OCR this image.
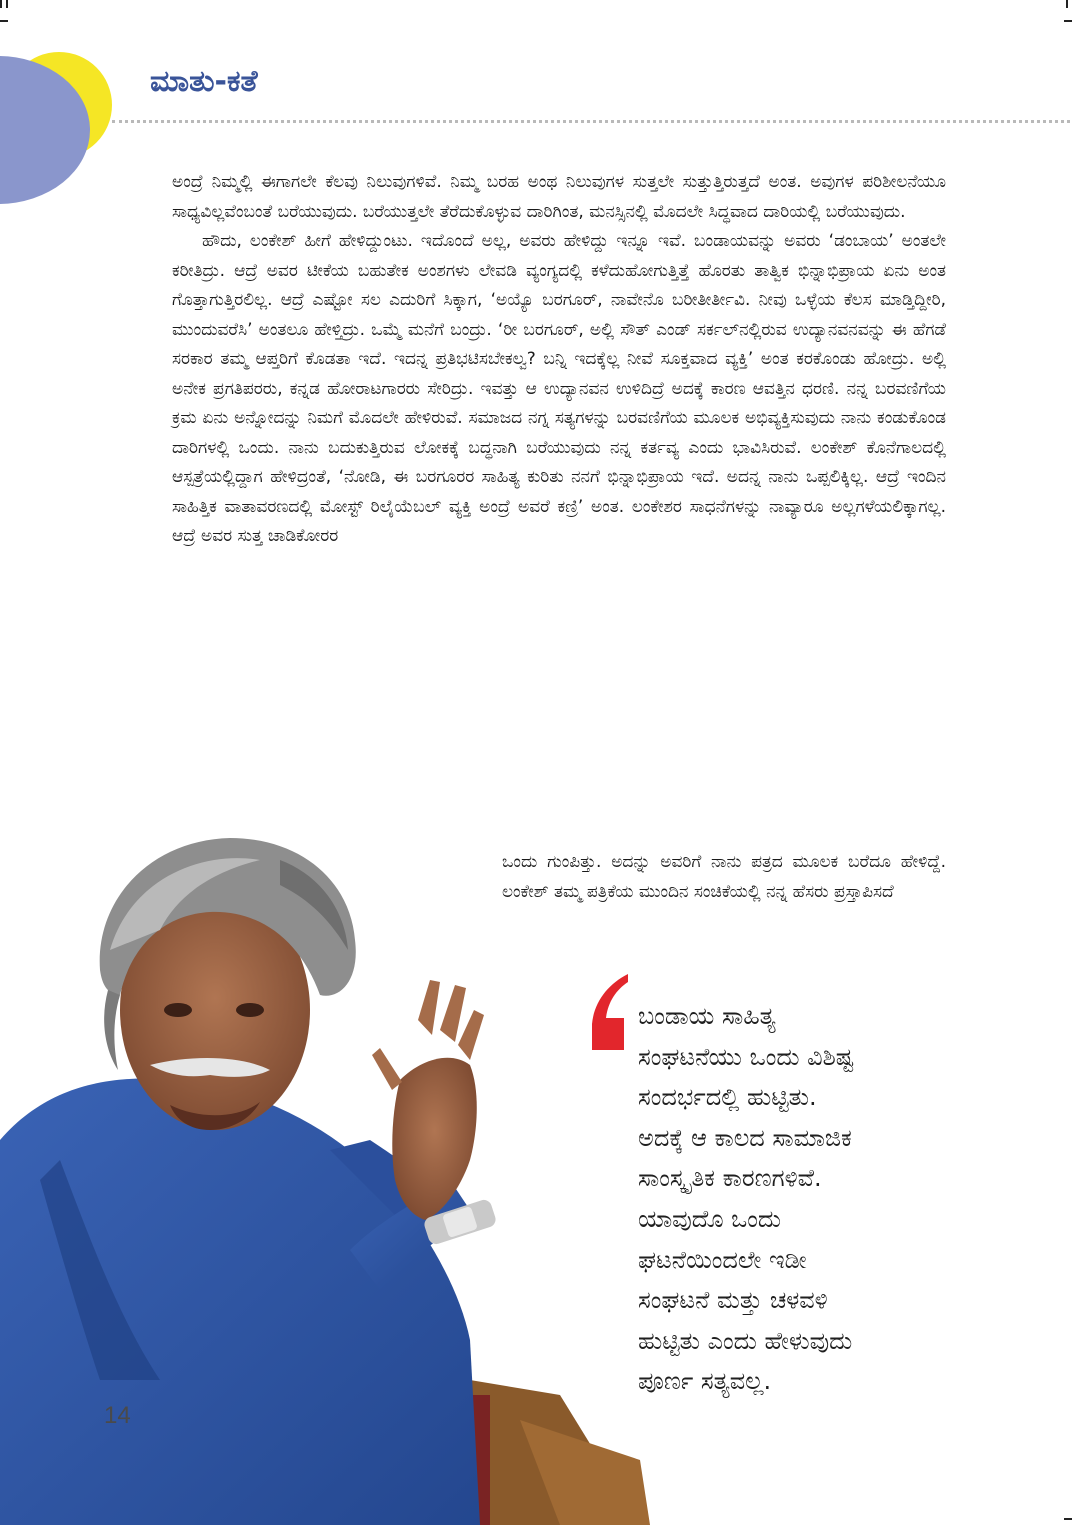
ಮಾತು-ಕತೆ
14

ಅಂದ್ರೆ ನಿಮ್ಮಲ್ಲಿ ಈಗಾಗಲೇ ಕೆಲವು ನಿಲುವುಗಳಿವೆ. ನಿಮ್ಮ ಬರಹ ಅಂಥ ನಿಲುವುಗಳ ಸುತ್ತಲೇ ಸುತ್ತುತ್ತಿರುತ್ತದೆ ಅಂತ. ಅವುಗಳ ಪರಿಶೀಲನೆಯೂ ಸಾಧ್ಯವಿಲ್ಲವೆಂಬಂತೆ ಬರೆಯುವುದು. ಬರೆಯುತ್ತಲೇ ತೆರೆದುಕೊಳ್ಳುವ ದಾರಿಗಿಂತ, ಮನಸ್ಸಿನಲ್ಲಿ ಮೊದಲೇ ಸಿದ್ಧವಾದ ದಾರಿಯಲ್ಲಿ ಬರೆಯುವುದು.

ಹೌದು, ಲಂಕೇಶ್ ಹೀಗೆ ಹೇಳಿದ್ದುಂಟು. ಇದೊಂದೆ ಅಲ್ಲ, ಅವರು ಹೇಳಿದ್ದು ಇನ್ನೂ ಇವೆ. ಬಂಡಾಯವನ್ನು ಅವರು ‘ಡಂಬಾಯ’ ಅಂತಲೇ ಕರೀತಿದ್ರು. ಆದ್ರೆ ಅವರ ಟೀಕೆಯ ಬಹುತೇಕ ಅಂಶಗಳು ಲೇವಡಿ ವ್ಯಂಗ್ಯದಲ್ಲಿ ಕಳೆದುಹೋಗುತ್ತಿತ್ತೆ ಹೊರತು ತಾತ್ವಿಕ ಭಿನ್ನಾಭಿಪ್ರಾಯ ಏನು ಅಂತ ಗೊತ್ತಾಗುತ್ತಿರಲಿಲ್ಲ. ಆದ್ರೆ ಎಷ್ಟೋ ಸಲ ಎದುರಿಗೆ ಸಿಕ್ಕಾಗ, ‘ಅಯ್ಯೊ ಬರಗೂರ್, ನಾವೇನೊ ಬರೀತೀರ್ತೀವಿ. ನೀವು ಒಳ್ಳೆಯ ಕೆಲಸ ಮಾಡ್ತಿದ್ದೀರಿ, ಮುಂದುವರೆಸಿ’ ಅಂತಲೂ ಹೇಳ್ತಿದ್ರು. ಒಮ್ಮೆ ಮನೆಗೆ ಬಂದ್ರು. ‘ರೀ ಬರಗೂರ್, ಅಲ್ಲಿ ಸೌತ್ ಎಂಡ್ ಸರ್ಕಲ್‌ನಲ್ಲಿರುವ ಉದ್ಯಾನವನವನ್ನು ಈ ಹೆಗಡೆ ಸರಕಾರ ತಮ್ಮ ಆಪ್ತರಿಗೆ ಕೊಡತಾ ಇದೆ. ಇದನ್ನ ಪ್ರತಿಭಟಿಸಬೇಕಲ್ವ? ಬನ್ನಿ ಇದಕ್ಕೆಲ್ಲ ನೀವೆ ಸೂಕ್ತವಾದ ವ್ಯಕ್ತಿ’ ಅಂತ ಕರಕೊಂಡು ಹೋದ್ರು. ಅಲ್ಲಿ ಅನೇಕ ಪ್ರಗತಿಪರರು, ಕನ್ನಡ ಹೋರಾಟಗಾರರು ಸೇರಿದ್ರು. ಇವತ್ತು ಆ ಉದ್ಯಾನವನ ಉಳಿದಿದ್ರೆ ಅದಕ್ಕೆ ಕಾರಣ ಆವತ್ತಿನ ಧರಣಿ. ನನ್ನ ಬರವಣಿಗೆಯ ಕ್ರಮ ಏನು ಅನ್ನೋದನ್ನು ನಿಮಗೆ ಮೊದಲೇ ಹೇಳಿರುವೆ. ಸಮಾಜದ ನಗ್ನ ಸತ್ಯಗಳನ್ನು ಬರವಣಿಗೆಯ ಮೂಲಕ ಅಭಿವ್ಯಕ್ತಿಸುವುದು ನಾನು ಕಂಡುಕೊಂಡ ದಾರಿಗಳಲ್ಲಿ ಒಂದು. ನಾನು ಬದುಕುತ್ತಿರುವ ಲೋಕಕ್ಕೆ ಬದ್ಧನಾಗಿ ಬರೆಯುವುದು ನನ್ನ ಕರ್ತವ್ಯ ಎಂದು ಭಾವಿಸಿರುವೆ. ಲಂಕೇಶ್ ಕೊನೆಗಾಲದಲ್ಲಿ ಆಸ್ಪತ್ರೆಯಲ್ಲಿದ್ದಾಗ ಹೇಳಿದ್ರಂತೆ, ‘ನೋಡಿ, ಈ ಬರಗೂರರ ಸಾಹಿತ್ಯ ಕುರಿತು ನನಗೆ ಭಿನ್ನಾಭಿಪ್ರಾಯ ಇದೆ. ಅದನ್ನ ನಾನು ಒಪ್ಪಲಿಕ್ಕಿಲ್ಲ. ಆದ್ರೆ ಇಂದಿನ ಸಾಹಿತ್ತಿಕ ವಾತಾವರಣದಲ್ಲಿ ಮೋಸ್ಟ್ ರಿಲೈಯೆಬಲ್ ವ್ಯಕ್ತಿ ಅಂದ್ರೆ ಅವರೆ ಕಣ್ರಿ’ ಅಂತ. ಲಂಕೇಶರ ಸಾಧನೆಗಳನ್ನು ನಾವ್ಯಾರೂ ಅಲ್ಲಗಳೆಯಲಿಕ್ಕಾಗಲ್ಲ. ಆದ್ರೆ ಅವರ ಸುತ್ತ ಚಾಡಿಕೋರರ

ಒಂದು ಗುಂಪಿತ್ತು. ಅದನ್ನು ಅವರಿಗೆ ನಾನು ಪತ್ರದ ಮೂಲಕ ಬರೆದೂ ಹೇಳಿದ್ದೆ. ಲಂಕೇಶ್ ತಮ್ಮ ಪತ್ರಿಕೆಯ ಮುಂದಿನ ಸಂಚಿಕೆಯಲ್ಲಿ ನನ್ನ ಹೆಸರು ಪ್ರಸ್ತಾಪಿಸದೆ

ಬಂಡಾಯ ಸಾಹಿತ್ಯ
ಸಂಘಟನೆಯು ಒಂದು ವಿಶಿಷ್ಟ
ಸಂದರ್ಭದಲ್ಲಿ ಹುಟ್ಟಿತು.
ಅದಕ್ಕೆ ಆ ಕಾಲದ ಸಾಮಾಜಿಕ
ಸಾಂಸ್ಕೃತಿಕ ಕಾರಣಗಳಿವೆ.
ಯಾವುದೊ ಒಂದು
ಘಟನೆಯಿಂದಲೇ ಇಡೀ
ಸಂಘಟನೆ ಮತ್ತು ಚಳವಳಿ
ಹುಟ್ಟಿತು ಎಂದು ಹೇಳುವುದು
ಪೂರ್ಣ ಸತ್ಯವಲ್ಲ.
